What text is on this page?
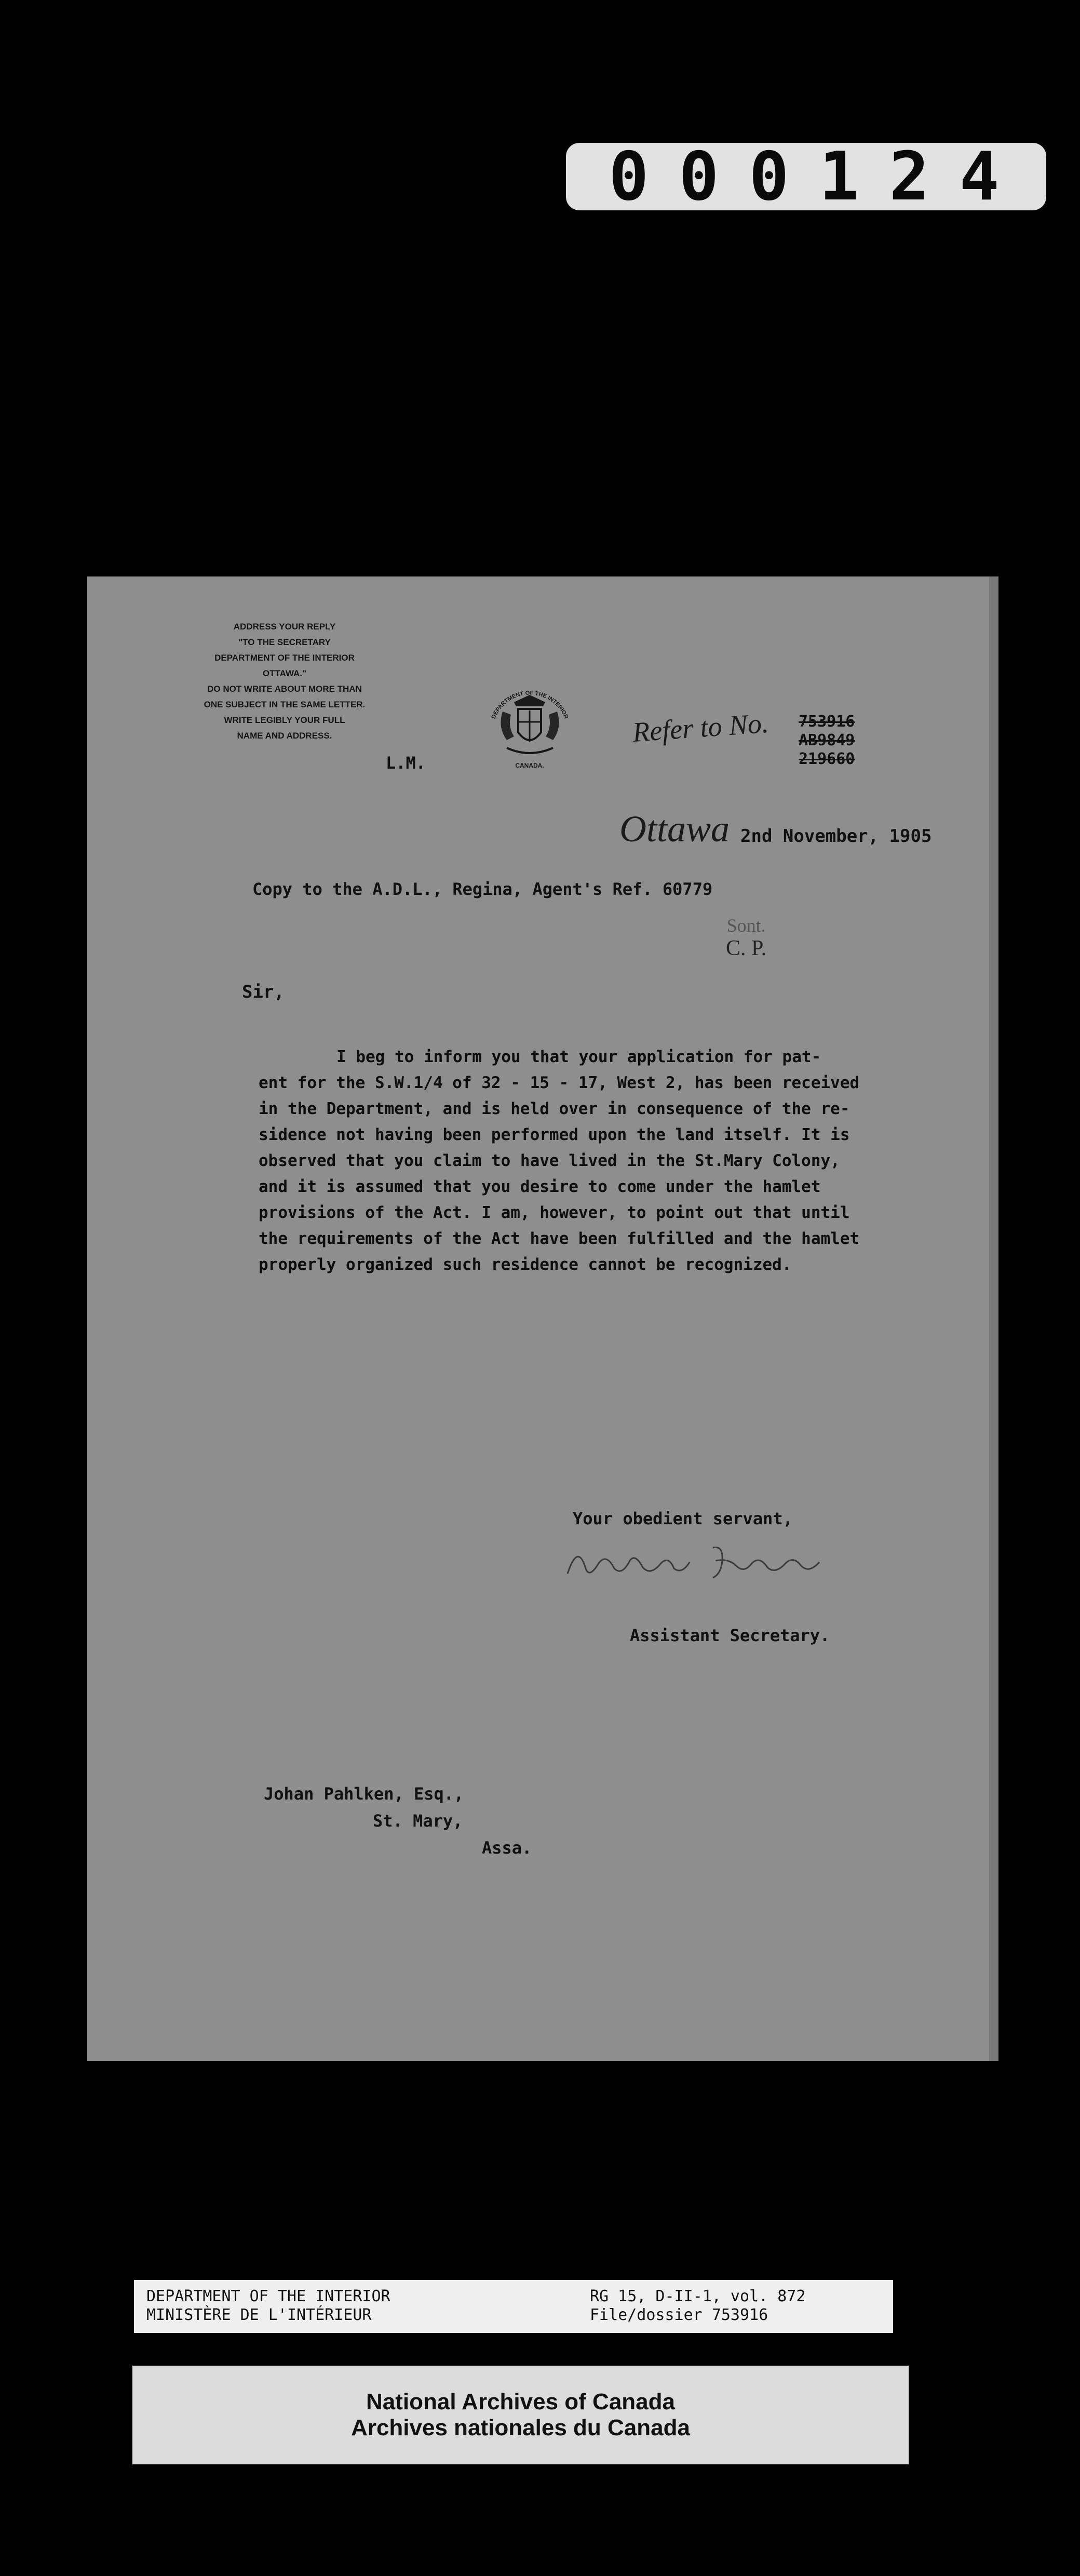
000124
ADDRESS YOUR REPLY
"TO THE SECRETARY
DEPARTMENT OF THE INTERIOR
OTTAWA."
DO NOT WRITE ABOUT MORE THAN
ONE SUBJECT IN THE SAME LETTER.
WRITE LEGIBLY YOUR FULL
NAME AND ADDRESS.
DEPARTMENT OF THE INTERIOR
CANADA.
L.M.
Refer to No. 753916
AB9849
219660
Ottawa 2nd November, 1905
Copy to the A.D.L., Regina, Agent's Ref. 60779
Sont.
C. P.
Sir,
I beg to inform you that your application for pat-
ent for the S.W.1/4 of 32 - 15 - 17, West 2, has been received
in the Department, and is held over in consequence of the re-
sidence not having been performed upon the land itself. It is
observed that you claim to have lived in the St.Mary Colony,
and it is assumed that you desire to come under the hamlet
provisions of the Act. I am, however, to point out that until
the requirements of the Act have been fulfilled and the hamlet
properly organized such residence cannot be recognized.
Your obedient servant,
Assistant Secretary.
Johan Pahlken, Esq.,
St. Mary,
Assa.
DEPARTMENT OF THE INTERIOR
MINISTÈRE DE L'INTÉRIEUR
RG 15, D-II-1, vol. 872
File/dossier 753916
National Archives of Canada
Archives nationales du Canada
